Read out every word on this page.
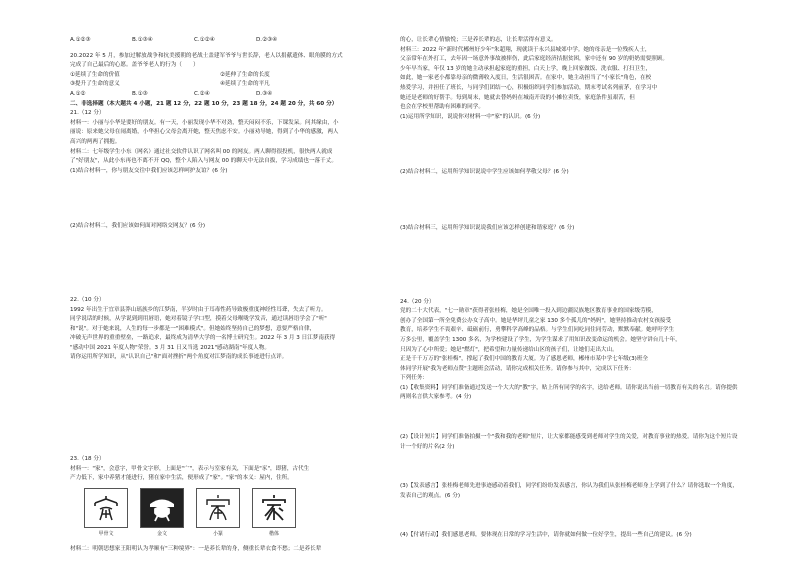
A.①②③	B.①③④	C.①②④	D.②③④
20.2022 年 5 月，参加过解放战争和抗美援朝的老战士盖建军爷爷与世长辞，老人以捐献遗体、眼角膜的方式
完成了自己最后的心愿。盖爷爷老人的行为（　　）
①延续了生命的价值	②延伸了生命的长度
③提升了生命的意义	④延续了生命的平凡
A.①②	B.①③	C.②④	D.③④
二、非选择题（本大题共 4 小题，21 题 12 分，22 题 10 分，23 题 18 分，24 题 20 分，共 60 分）
21.（12 分）
材料一：小丽与小华是要好的朋友。有一天，小丽发现小华不对劲，整天闷闷不乐，下课发呆。问其缘由，小
丽说：原来她父母在闹离婚，小华担心父母会离开她，整天焦虑不安。小丽劝导她，得到了小华的感激，两人
高兴的两两了拥抱。
材料二：七年级学生小东（网名）通过社交软件认识了网名叫 00 的网友。两人聊得很投机，很快两人就成
了"好朋友"，从此小东再也不离不开 QQ，整个人陷入与网友 00 的聊天中无法自拔，学习成绩也一落千丈。
(1)结合材料一，你与朋友交往中我们应该怎样呵护友谊？(6 分)
(2)结合材料二，我们应该如何面对网络交网友？(6 分)
22.（10 分）
1992 年出生于宜章县莽山瑶族乡的江梦南，半岁时由于耳毒性药导致极重度神经性耳聋，失去了听力。
同学说话的时候，从学说到到用唇语，她对着镜子学口型，摸着父母喉咙学发音，通过读唇语学会了"听"
和"说"。对于她来说，人生的每一步都是一"困难模式"。但她始终坚持自己的梦想，意要严格自律，
冲破无声世界的重重壁垒，一路追求，最终成为清华大学的一名博士研究生。2022 年 3 月 3 日江梦南获得
"感动中国 2021 年度人物"荣誉。3 月 31 日又当选 2021"感动湖南"年度人物。
请你运用所学知识，从"认识自己"和"面对挫折"两个角度对江梦南的成长事迹进行点评。
23.（18 分）
材料一："家"，会意字，甲骨文字形，上面是"宀"，表示与室家有关，下面是"豕"，即猪，古代生
产力低下，家中养猪才能进行，猪在家中生活，便形成了"家"。"家"的本义：屋内，住所。
甲骨文	金文	小篆	楷体
材料二：明朝思想家王阳明认为孝顺有"三种境界"：一是养长辈的身，侧重长辈衣食不愁；二是养长辈
的心，让长辈心情愉悦；三是养长辈的志，让长辈活得有意义。
材料三：2022 年"新时代郴州好少年"朱超翔，现就读于永兴县城郊中学。她的母亲是一位残疾人士，
父亲常年在外打工，去年因一场意外事故被摔伤，此后家庭经济拮据贫困，家中还有 90 岁的奶奶需要照顾。
少年早当家，年仅 13 岁的她主动承担起家庭的重担，白天上学，晚上回家做饭、洗衣服、打扫卫生，
如此，她一家老小都靠母亲的微薄收入度日，生活很困苦。在家中，她主动担当了"小家长"角色，在校
热爱学习，并担任了班长，与同学们团结一心，积极组织同学们参加活动，期末考试名列前茅，在学习中
她还是老师的好帮手。每到周末，她就去替妈妈在城南开设的小摊位卖货，家庭条件虽艰苦，但
也会在学校里帮助有困难的同学。
(1)运用所学知识，说说你对材料一中"家"的认识。(6 分)
(2)结合材料二，运用所学知识说说中学生应该如何孝敬父母？(6 分)
(3)结合材料三，运用所学知识说说我们应该怎样创建和谐家庭？(6 分)
24.（20 分）
党的二十大代表，"七一勋章"获得者张桂梅，她是全国唯一投入到边疆民族地区教育事业的国家级劳模，
创办了全国第一所全免费公办女子高中。她是华坪儿童之家 130 多个孤儿的"妈妈"，她坚持推动农村女孩接受
教育，培养学生不畏艰辛、砥砺前行，勇攀科学高峰的品格。与学生们同吃同住同劳动，默默奉献。她呼吁学生
万多公里，覆盖学生 1300 多名，为学校建设了学生，为学生谋求了用知识改变命运的机会。她坚守讲台几十年，
只因为了心中所爱；她是"燃灯"，把希望和力量传递给山区的孩子们，让她们走出大山。
正是千千万万的"张桂梅"，撑起了我们中国的教育大厦。为了感恩老师，郴州市某中学七年级(3)班全
体同学开展"我为老师点赞"主题班会活动，请你完成相关任务。请你参与其中，完成以下任务：
下列任务：
(1)【收集资料】同学们准备通过发送一个大大的"教"字，贴上所有同学的名字，送给老师。请你说出当前一切教育有关的名言。请你提供两则名言供大家参考。(4 分)
(2)【设计短片】同学们准备拍摄一个"我和我的老师"短片，让大家都能感受到老师对学生的关爱，对教育事业的热爱。请你为这个短片设计一个好的片名(2 分)
(3)【发表感言】张桂梅老师先进事迹感动着我们，同学们纷纷发表感言，你认为我们从张桂梅老师身上学到了什么？请你选取一个角度，发表自己的观点。(6 分)
(4)【付诸行动】我们感恩老师，要体现在日常的学习生活中，请你就如何做一位好学生，提出一些自己的建议。(6 分)
